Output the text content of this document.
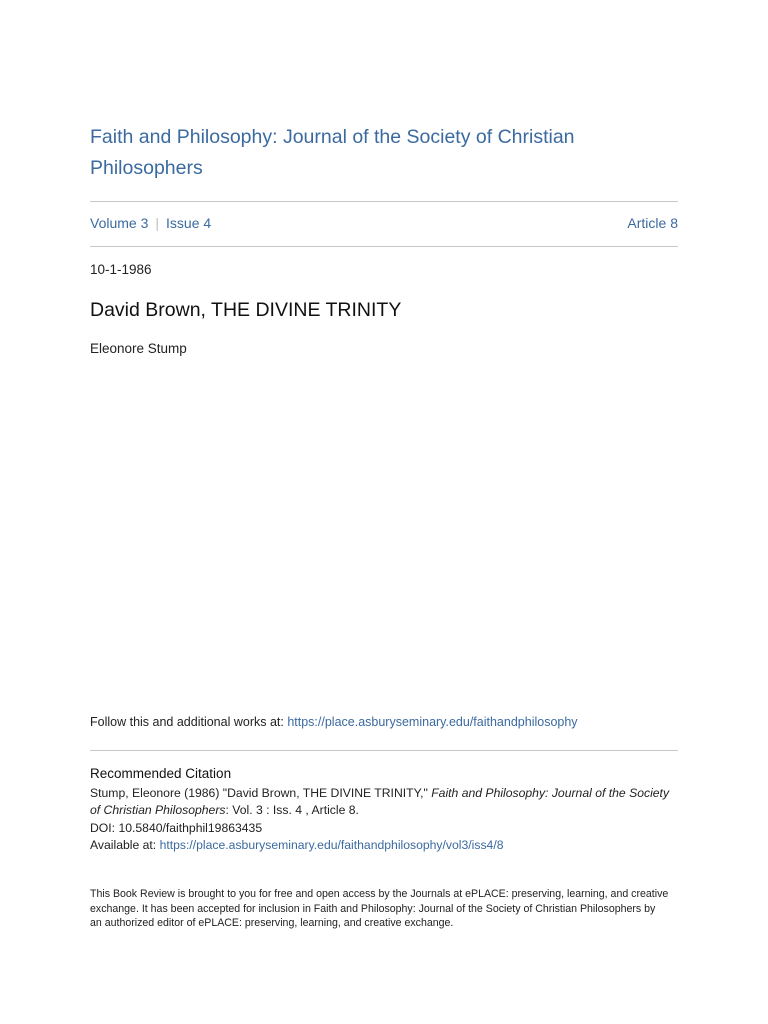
Faith and Philosophy: Journal of the Society of Christian Philosophers
Volume 3 | Issue 4	Article 8
10-1-1986
David Brown, THE DIVINE TRINITY
Eleonore Stump
Follow this and additional works at: https://place.asburyseminary.edu/faithandphilosophy
Recommended Citation

Stump, Eleonore (1986) "David Brown, THE DIVINE TRINITY," Faith and Philosophy: Journal of the Society of Christian Philosophers: Vol. 3 : Iss. 4 , Article 8.

DOI: 10.5840/faithphil19863435

Available at: https://place.asburyseminary.edu/faithandphilosophy/vol3/iss4/8

This Book Review is brought to you for free and open access by the Journals at ePLACE: preserving, learning, and creative exchange. It has been accepted for inclusion in Faith and Philosophy: Journal of the Society of Christian Philosophers by an authorized editor of ePLACE: preserving, learning, and creative exchange.
